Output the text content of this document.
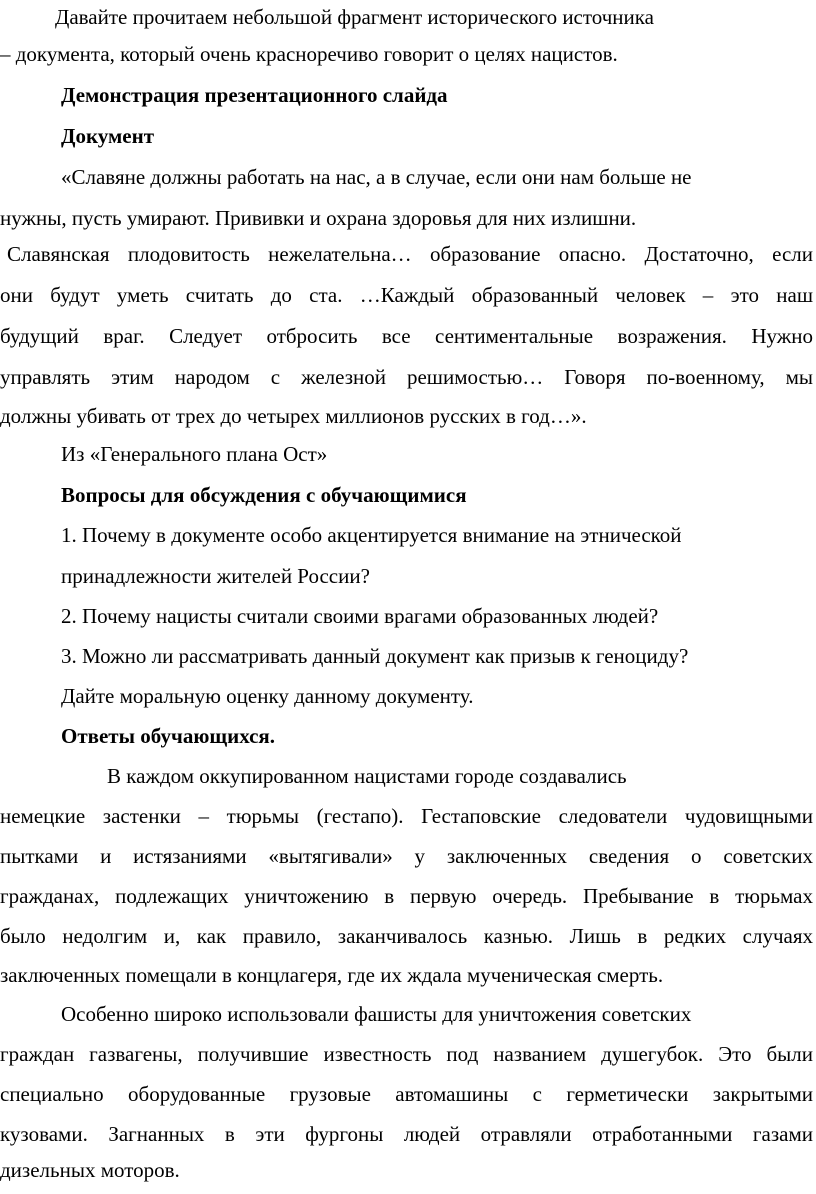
Давайте прочитаем небольшой фрагмент исторического источника
– документа, который очень красноречиво говорит о целях нацистов.
Демонстрация презентационного слайда
Документ
«Славяне должны работать на нас, а в случае, если они нам больше не
нужны, пусть умирают. Прививки и охрана здоровья для них излишни.
Славянская плодовитость нежелательна… образование опасно. Достаточно, если
они будут уметь считать до ста. …Каждый образованный человек – это наш
будущий враг. Следует отбросить все сентиментальные возражения. Нужно
управлять этим народом с железной решимостью… Говоря по-военному, мы
должны убивать от трех до четырех миллионов русских в год…».
Из «Генерального плана Ост»
Вопросы для обсуждения с обучающимися
1. Почему в документе особо акцентируется внимание на этнической
принадлежности жителей России?
2. Почему нацисты считали своими врагами образованных людей?
3. Можно ли рассматривать данный документ как призыв к геноциду?
Дайте моральную оценку данному документу.
Ответы обучающихся.
В каждом оккупированном нацистами городе создавались
немецкие застенки – тюрьмы (гестапо). Гестаповские следователи чудовищными
пытками и истязаниями «вытягивали» у заключенных сведения о советских
гражданах, подлежащих уничтожению в первую очередь. Пребывание в тюрьмах
было недолгим и, как правило, заканчивалось казнью. Лишь в редких случаях
заключенных помещали в концлагеря, где их ждала мученическая смерть.
Особенно широко использовали фашисты для уничтожения советских
граждан газвагены, получившие известность под названием душегубок. Это были
специально оборудованные грузовые автомашины с герметически закрытыми
кузовами. Загнанных в эти фургоны людей отравляли отработанными газами
дизельных моторов.
